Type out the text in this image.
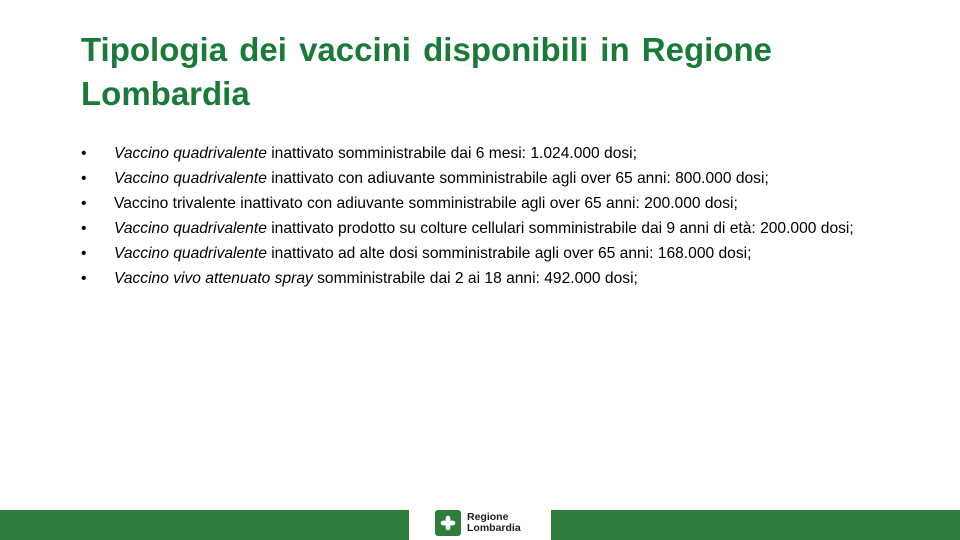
Tipologia dei vaccini disponibili in Regione Lombardia
• Vaccino quadrivalente inattivato somministrabile dai 6 mesi: 1.024.000 dosi;
• Vaccino quadrivalente inattivato con adiuvante somministrabile agli over 65 anni: 800.000 dosi;
• Vaccino trivalente inattivato con adiuvante somministrabile agli over 65 anni: 200.000 dosi;
• Vaccino quadrivalente inattivato prodotto su colture cellulari somministrabile dai 9 anni di età: 200.000 dosi;
• Vaccino quadrivalente inattivato ad alte dosi somministrabile agli over 65 anni: 168.000 dosi;
• Vaccino vivo attenuato spray somministrabile dai 2 ai 18 anni: 492.000 dosi;
Regione
Lombardia
